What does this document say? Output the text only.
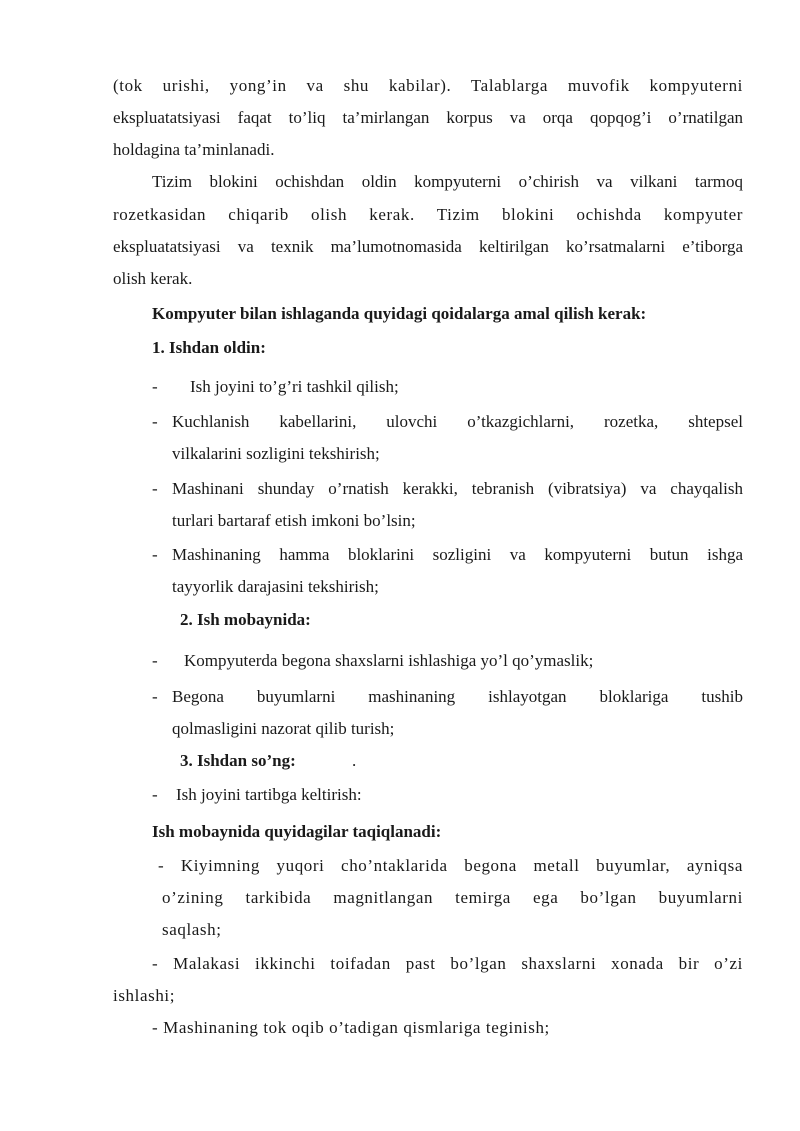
(tok urishi, yong’in va shu kabilar). Talablarga muvofik kompyuterni
ekspluatatsiyasi faqat to’liq ta’mirlangan korpus va orqa qopqog’i o’rnatilgan
holdagina ta’minlanadi.
Tizim blokini ochishdan oldin kompyuterni o’chirish va vilkani tarmoq
rozetkasidan chiqarib olish kerak. Tizim blokini ochishda kompyuter
ekspluatatsiyasi va texnik ma’lumotnomasida keltirilgan ko’rsatmalarni e’tiborga
olish kerak.
Kompyuter bilan ishlaganda quyidagi qoidalarga amal qilish kerak:
1. Ishdan oldin:
- Ish joyini to’g’ri tashkil qilish;
- Kuchlanish kabellarini, ulovchi o’tkazgichlarni, rozetka, shtepsel
vilkalarini sozligini tekshirish;
- Mashinani shunday o’rnatish kerakki, tebranish (vibratsiya) va chayqalish
turlari bartaraf etish imkoni bo’lsin;
- Mashinaning hamma bloklarini sozligini va kompyuterni butun ishga
tayyorlik darajasini tekshirish;
2. Ish mobaynida:
- Kompyuterda begona shaxslarni ishlashiga yo’l qo’ymaslik;
- Begona buyumlarni mashinaning ishlayotgan bloklariga tushib
qolmasligini nazorat qilib turish;
3. Ishdan so’ng:	.
- Ish joyini tartibga keltirish:
Ish mobaynida quyidagilar taqiqlanadi:
- Kiyimning yuqori cho’ntaklarida begona metall buyumlar, ayniqsa
o’zining tarkibida magnitlangan temirga ega bo’lgan buyumlarni
saqlash;
- Malakasi ikkinchi toifadan past bo’lgan shaxslarni xonada bir o’zi
ishlashi;
- Mashinaning tok oqib o’tadigan qismlariga teginish;
